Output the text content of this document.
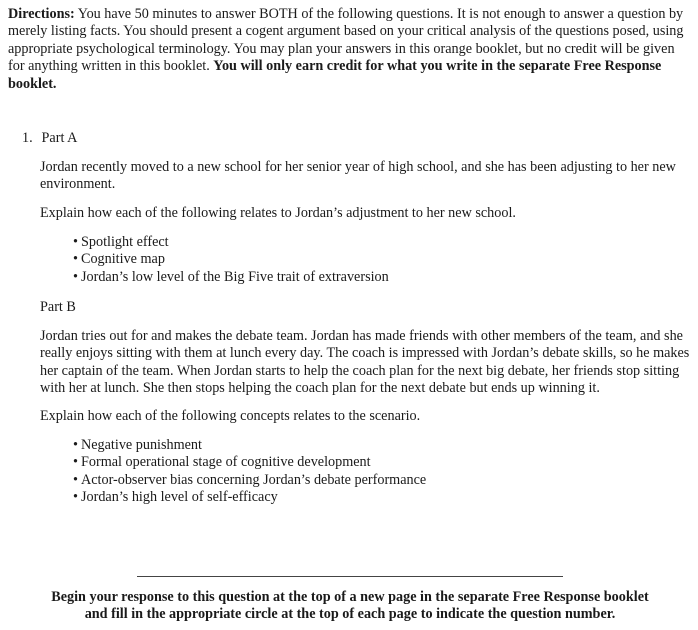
Directions: You have 50 minutes to answer BOTH of the following questions. It is not enough to answer a question by merely listing facts. You should present a cogent argument based on your critical analysis of the questions posed, using appropriate psychological terminology. You may plan your answers in this orange booklet, but no credit will be given for anything written in this booklet. You will only earn credit for what you write in the separate Free Response booklet.
1. Part A
Jordan recently moved to a new school for her senior year of high school, and she has been adjusting to her new environment.
Explain how each of the following relates to Jordan’s adjustment to her new school.
• Spotlight effect
• Cognitive map
• Jordan’s low level of the Big Five trait of extraversion
Part B
Jordan tries out for and makes the debate team. Jordan has made friends with other members of the team, and she really enjoys sitting with them at lunch every day. The coach is impressed with Jordan’s debate skills, so he makes her captain of the team. When Jordan starts to help the coach plan for the next big debate, her friends stop sitting with her at lunch. She then stops helping the coach plan for the next debate but ends up winning it.
Explain how each of the following concepts relates to the scenario.
• Negative punishment
• Formal operational stage of cognitive development
• Actor-observer bias concerning Jordan’s debate performance
• Jordan’s high level of self-efficacy
Begin your response to this question at the top of a new page in the separate Free Response booklet
and fill in the appropriate circle at the top of each page to indicate the question number.
